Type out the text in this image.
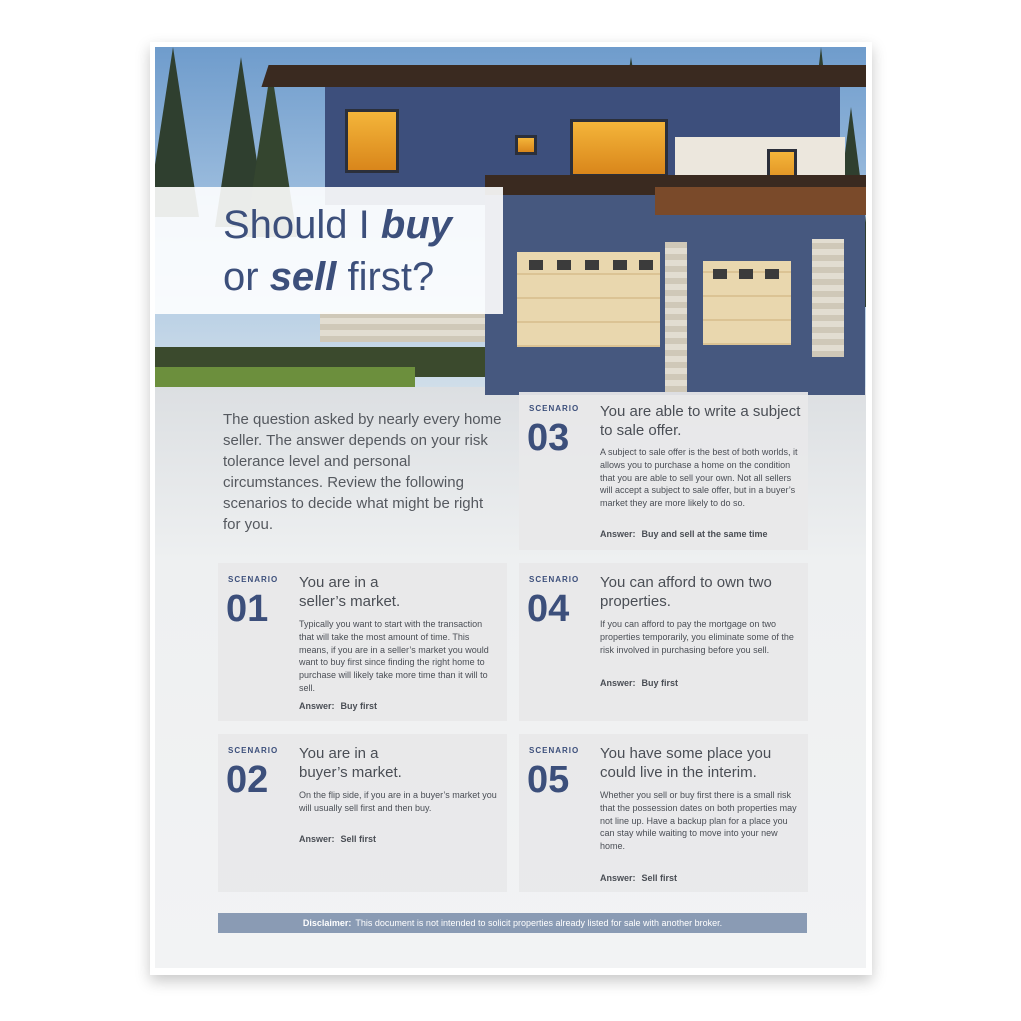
Should I buy
or sell first?

The question asked by nearly every home seller. The answer depends on your risk tolerance level and personal circumstances. Review the following scenarios to decide what might be right for you.

SCENARIO
03
You are able to write a subject to sale offer.
A subject to sale offer is the best of both worlds, it allows you to purchase a home on the condition that you are able to sell your own. Not all sellers will accept a subject to sale offer, but in a buyer’s market they are more likely to do so.
Answer: Buy and sell at the same time
SCENARIO
01
You are in a seller’s market.
Typically you want to start with the transaction that will take the most amount of time. This means, if you are in a seller’s market you would want to buy first since finding the right home to purchase will likely take more time than it will to sell.
Answer: Buy first
SCENARIO
04
You can afford to own two properties.
If you can afford to pay the mortgage on two properties temporarily, you eliminate some of the risk involved in purchasing before you sell.
Answer: Buy first
SCENARIO
02
You are in a buyer’s market.
On the flip side, if you are in a buyer’s market you will usually sell first and then buy.
Answer: Sell first
SCENARIO
05
You have some place you could live in the interim.
Whether you sell or buy first there is a small risk that the possession dates on both properties may not line up. Have a backup plan for a place you can stay while waiting to move into your new home.
Answer: Sell first
Disclaimer: This document is not intended to solicit properties already listed for sale with another broker.
